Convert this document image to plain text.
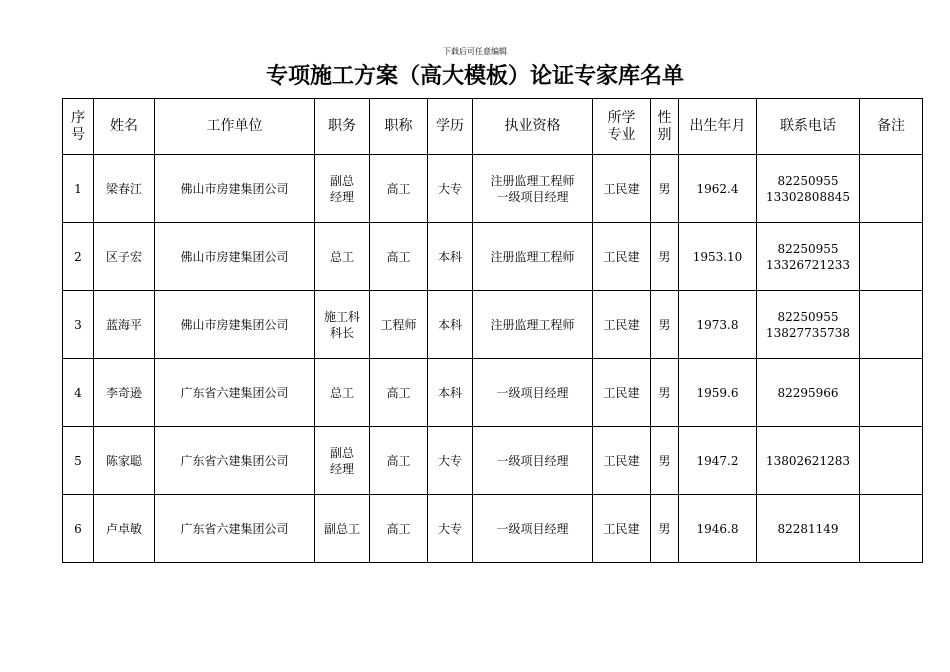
下载后可任意编辑
专项施工方案（高大模板）论证专家库名单
序
号	姓名	工作单位	职务	职称	学历	执业资格	所学
专业	性
别	出生年月	联系电话	备注

1	梁春江	佛山市房建集团公司	副总
经理	高工	大专	注册监理工程师
一级项目经理	工民建	男	1962.4	82250955
13302808845	

2	区子宏	佛山市房建集团公司	总工	高工	本科	注册监理工程师	工民建	男	1953.10	82250955
13326721233	

3	蓝海平	佛山市房建集团公司	施工科
科长	工程师	本科	注册监理工程师	工民建	男	1973.8	82250955
13827735738	

4	李奇逊	广东省六建集团公司	总工	高工	本科	一级项目经理	工民建	男	1959.6	82295966	

5	陈家聪	广东省六建集团公司	副总
经理	高工	大专	一级项目经理	工民建	男	1947.2	13802621283	

6	卢卓敏	广东省六建集团公司	副总工	高工	大专	一级项目经理	工民建	男	1946.8	82281149	
